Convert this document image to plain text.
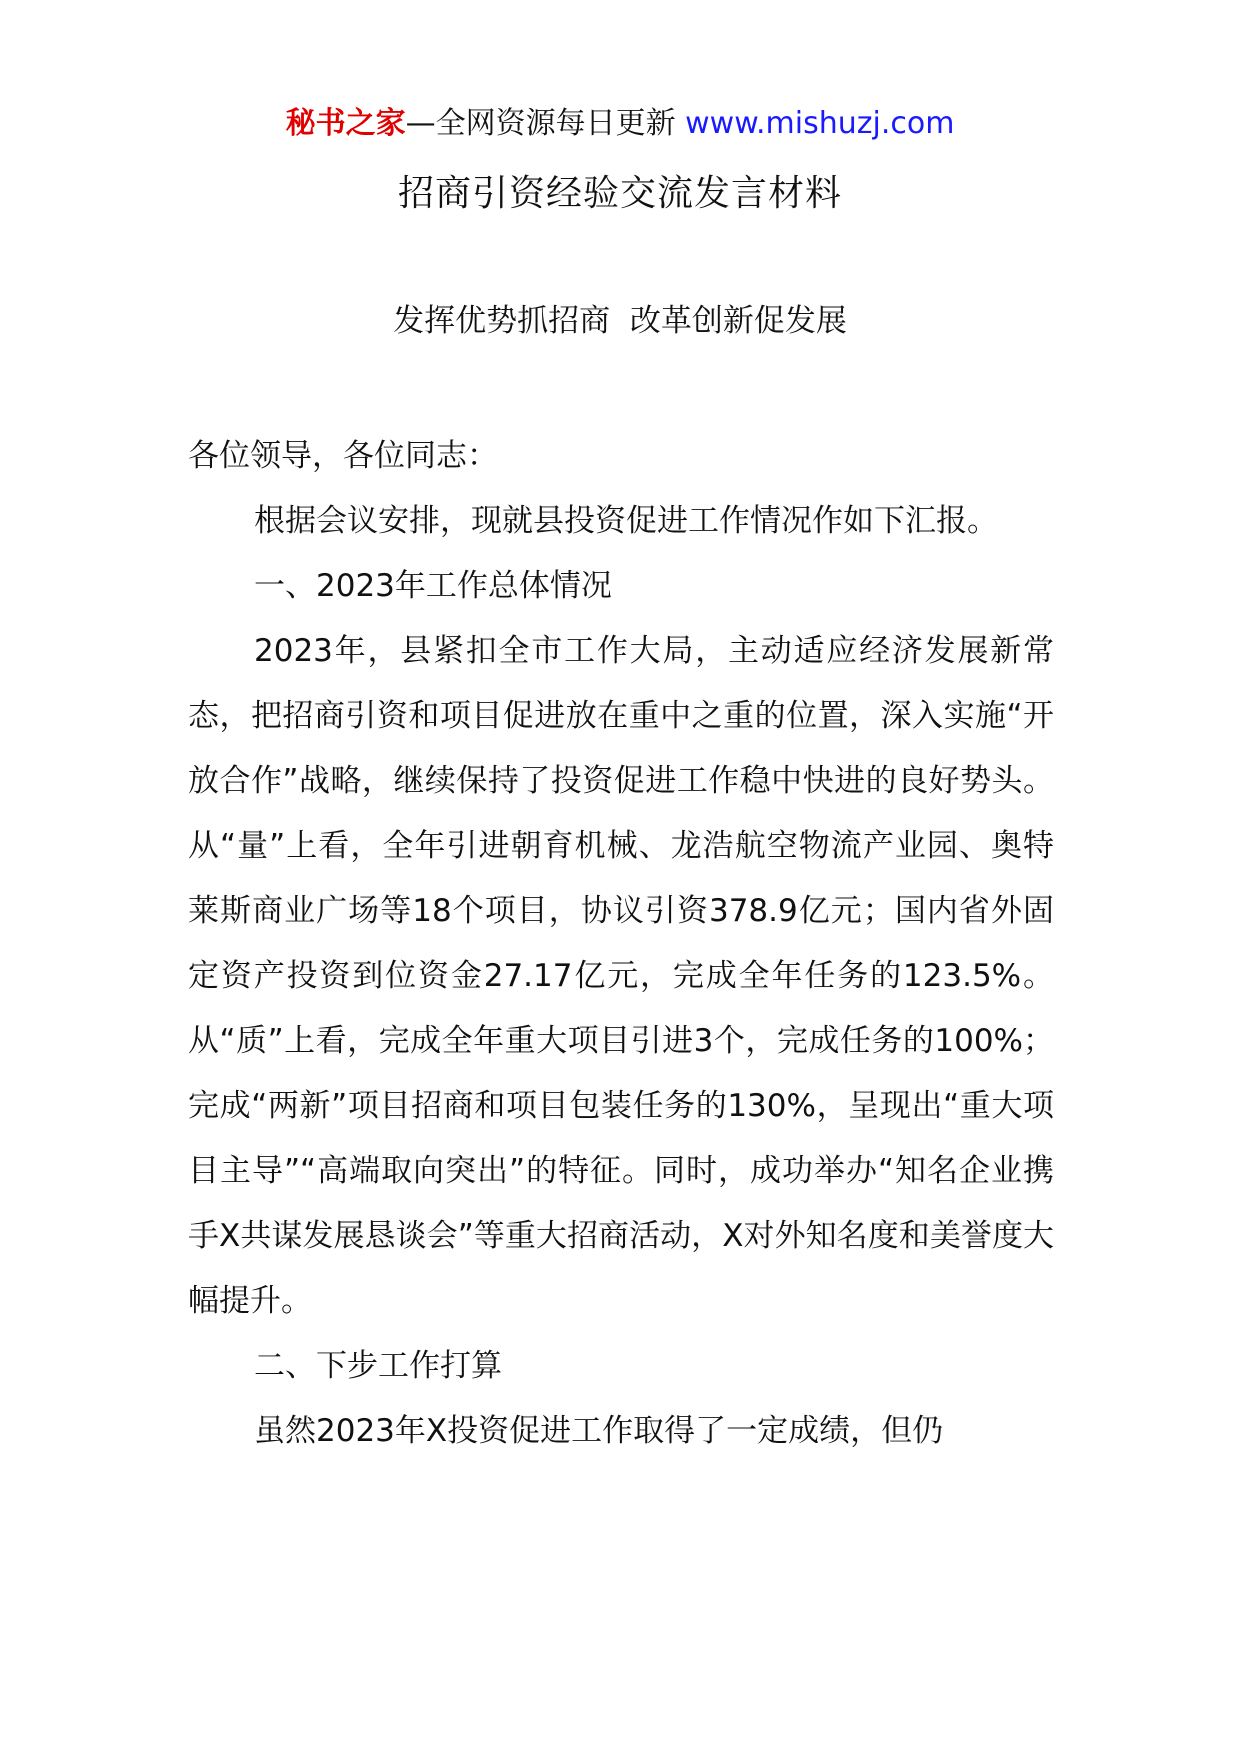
秘书之家—全网资源每日更新 www.mishuzj.com
招商引资经验交流发言材料
发挥优势抓招商  改革创新促发展

各位领导，各位同志：

根据会议安排，现就县投资促进工作情况作如下汇报。

一、2023年工作总体情况

2023年，县紧扣全市工作大局，主动适应经济发展新常态，把招商引资和项目促进放在重中之重的位置，深入实施“开放合作”战略，继续保持了投资促进工作稳中快进的良好势头。从“量”上看，全年引进朝育机械、龙浩航空物流产业园、奥特莱斯商业广场等18个项目，协议引资378.9亿元；国内省外固定资产投资到位资金27.17亿元，完成全年任务的123.5%。从“质”上看，完成全年重大项目引进3个，完成任务的100%；完成“两新”项目招商和项目包装任务的130%，呈现出“重大项目主导”“高端取向突出”的特征。同时，成功举办“知名企业携手X共谋发展恳谈会”等重大招商活动，X对外知名度和美誉度大幅提升。

二、下步工作打算

虽然2023年X投资促进工作取得了一定成绩，但仍
